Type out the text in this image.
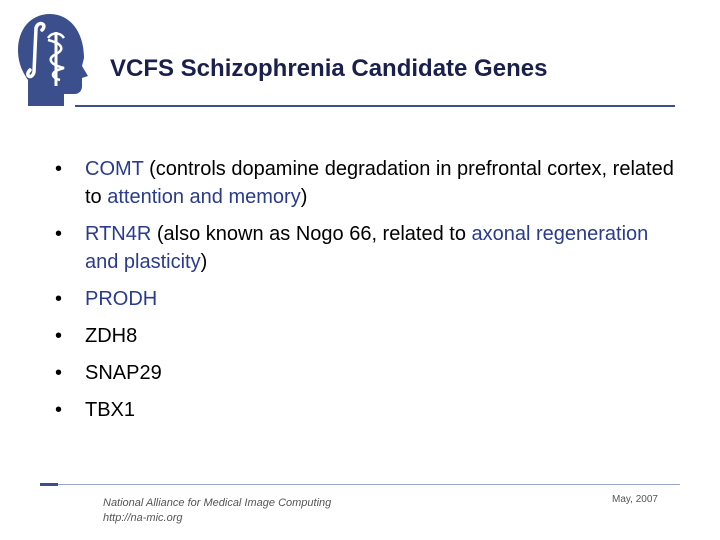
VCFS Schizophrenia Candidate Genes
• COMT (controls dopamine degradation in prefrontal cortex, related to attention and memory)
• RTN4R (also known as Nogo 66, related to axonal regeneration and plasticity)
• PRODH
• ZDH8
• SNAP29
• TBX1
National Alliance for Medical Image Computing
http://na-mic.org
May, 2007
